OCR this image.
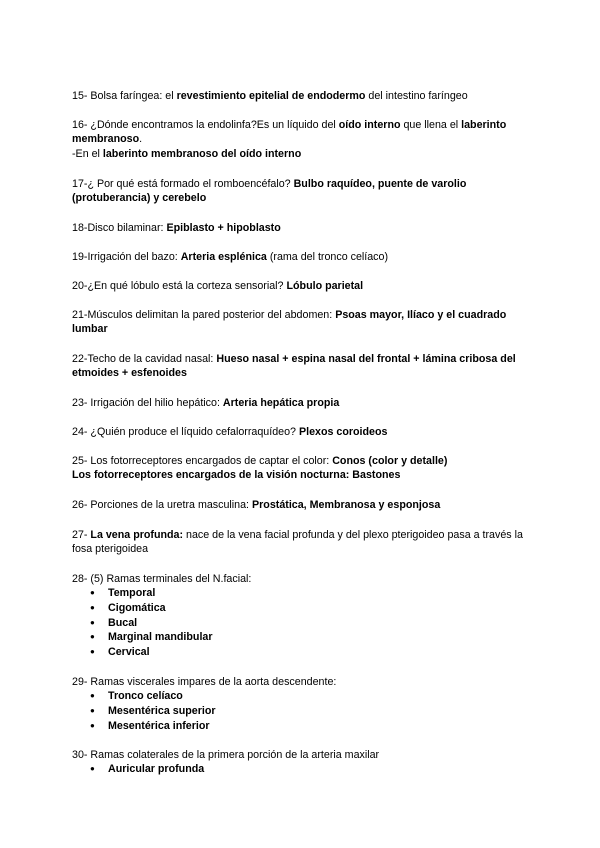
15- Bolsa faríngea: el revestimiento epitelial de endodermo del intestino faríngeo

16- ¿Dónde encontramos la endolinfa?Es un líquido del oído interno que llena el laberinto membranoso.
-En el laberinto membranoso del oído interno

17-¿ Por qué está formado el romboencéfalo? Bulbo raquídeo, puente de varolio (protuberancia) y cerebelo

18-Disco bilaminar: Epiblasto + hipoblasto

19-Irrigación del bazo: Arteria esplénica (rama del tronco celíaco)

20-¿En qué lóbulo está la corteza sensorial? Lóbulo parietal

21-Músculos delimitan la pared posterior del abdomen: Psoas mayor, Ilíaco y el cuadrado lumbar

22-Techo de la cavidad nasal: Hueso nasal + espina nasal del frontal + lámina cribosa del etmoides + esfenoides

23- Irrigación del hilio hepático: Arteria hepática propia

24- ¿Quién produce el líquido cefalorraquídeo? Plexos coroideos

25- Los fotorreceptores encargados de captar el color: Conos (color y detalle)
Los fotorreceptores encargados de la visión nocturna: Bastones

26- Porciones de la uretra masculina: Prostática, Membranosa y esponjosa

27- La vena profunda: nace de la vena facial profunda y del plexo pterigoideo pasa a través la fosa pterigoidea

28- (5) Ramas terminales del N.facial:
● Temporal
● Cigomática
● Bucal
● Marginal mandibular
● Cervical
29- Ramas viscerales impares de la aorta descendente:
● Tronco celíaco
● Mesentérica superior
● Mesentérica inferior
30- Ramas colaterales de la primera porción de la arteria maxilar
● Auricular profunda
